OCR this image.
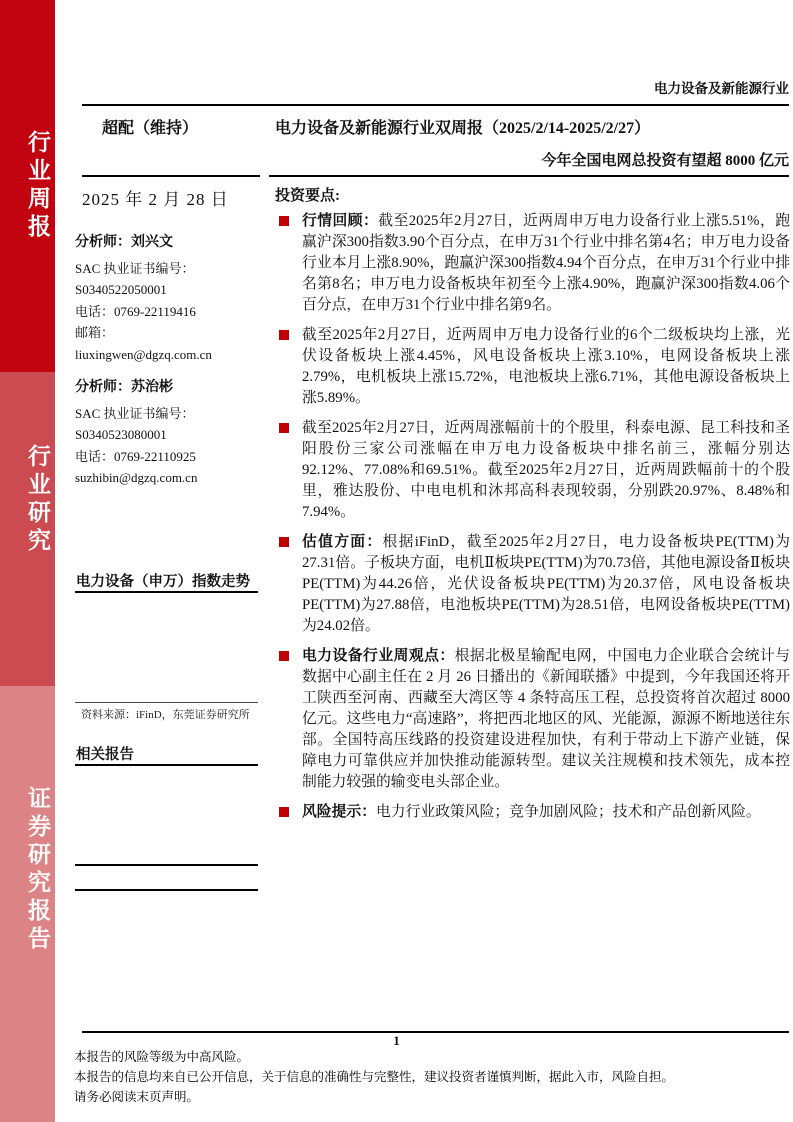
行业周报
行业研究
证券研究报告
电力设备及新能源行业
超配（维持）	电力设备及新能源行业双周报（2025/2/14-2025/2/27）
今年全国电网总投资有望超 8000 亿元
2025 年 2 月 28 日
分析师：刘兴文
SAC 执业证书编号：
S0340522050001
电话：0769-22119416
邮箱：
liuxingwen@dgzq.com.cn
分析师：苏治彬
SAC 执业证书编号：
S0340523080001
电话：0769-22110925
suzhibin@dgzq.com.cn
电力设备（申万）指数走势
资料来源：iFinD，东莞证券研究所
相关报告
投资要点:

行情回顾：截至2025年2月27日，近两周申万电力设备行业上涨5.51%，跑赢沪深300指数3.90个百分点，在申万31个行业中排名第4名；申万电力设备行业本月上涨8.90%，跑赢沪深300指数4.94个百分点，在申万31个行业中排名第8名；申万电力设备板块年初至今上涨4.90%，跑赢沪深300指数4.06个百分点，在申万31个行业中排名第9名。

截至2025年2月27日，近两周申万电力设备行业的6个二级板块均上涨，光伏设备板块上涨4.45%，风电设备板块上涨3.10%，电网设备板块上涨2.79%，电机板块上涨15.72%，电池板块上涨6.71%，其他电源设备板块上涨5.89%。

截至2025年2月27日，近两周涨幅前十的个股里，科泰电源、昆工科技和圣阳股份三家公司涨幅在申万电力设备板块中排名前三，涨幅分别达92.12%、77.08%和69.51%。截至2025年2月27日，近两周跌幅前十的个股里，雅达股份、中电电机和沐邦高科表现较弱，分别跌20.97%、8.48%和7.94%。

估值方面：根据iFinD，截至2025年2月27日，电力设备板块PE(TTM)为27.31倍。子板块方面，电机Ⅱ板块PE(TTM)为70.73倍，其他电源设备Ⅱ板块PE(TTM)为44.26倍，光伏设备板块PE(TTM)为20.37倍，风电设备板块PE(TTM)为27.88倍，电池板块PE(TTM)为28.51倍，电网设备板块PE(TTM)为24.02倍。

电力设备行业周观点：根据北极星输配电网，中国电力企业联合会统计与数据中心副主任在 2 月 26 日播出的《新闻联播》中提到，今年我国还将开工陕西至河南、西藏至大湾区等 4 条特高压工程，总投资将首次超过 8000 亿元。这些电力“高速路”，将把西北地区的风、光能源，源源不断地送往东部。全国特高压线路的投资建设进程加快，有利于带动上下游产业链，保障电力可靠供应并加快推动能源转型。建议关注规模和技术领先，成本控制能力较强的输变电头部企业。

风险提示：电力行业政策风险；竞争加剧风险；技术和产品创新风险。

1
本报告的风险等级为中高风险。
本报告的信息均来自已公开信息，关于信息的准确性与完整性，建议投资者谨慎判断，据此入市，风险自担。
请务必阅读末页声明。
